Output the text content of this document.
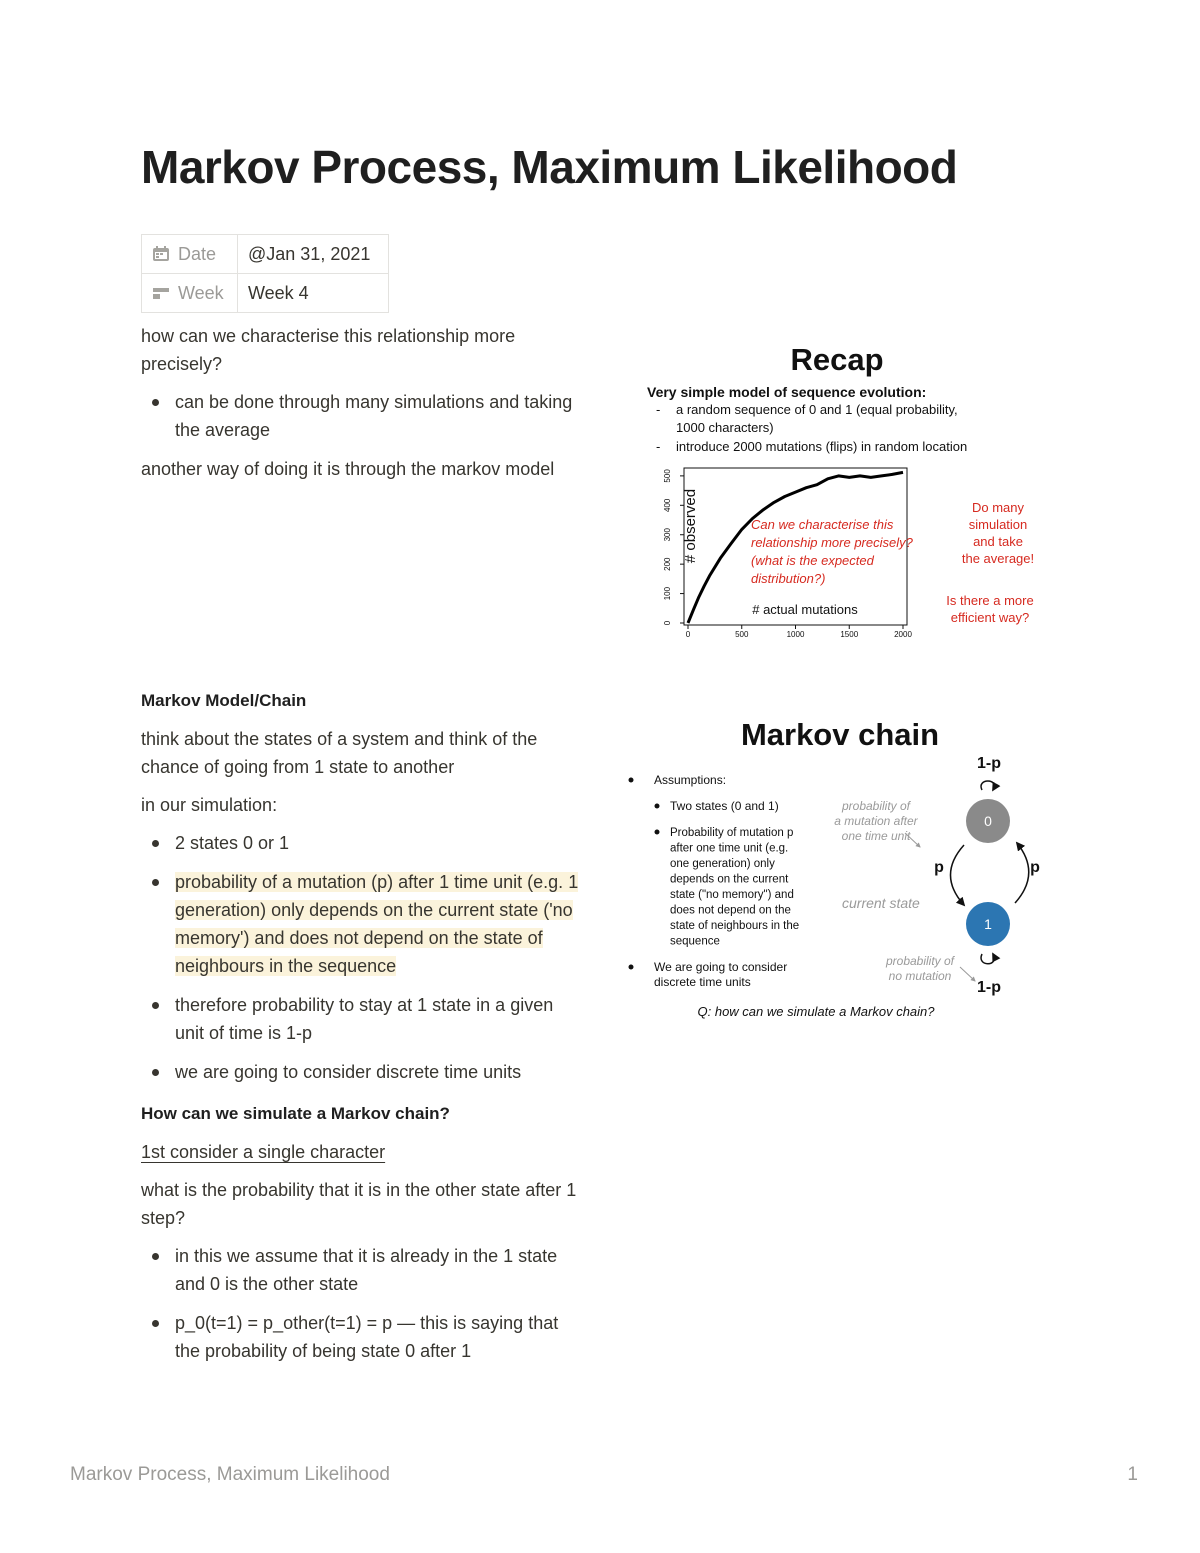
Markov Process, Maximum Likelihood
Date	@Jan 31, 2021
Week	Week 4

how can we characterise this relationship more precisely?

can be done through many simulations and taking the average

another way of doing it is through the markov model

Markov Model/Chain

think about the states of a system and think of the chance of going from 1 state to another

in our simulation:

2 states 0 or 1
probability of a mutation (p) after 1 time unit (e.g. 1 generation) only depends on the current state ('no memory') and does not depend on the state of neighbours in the sequence
therefore probability to stay at 1 state in a given unit of time is 1-p
we are going to consider discrete time units
How can we simulate a Markov chain?

1st consider a single character

what is the probability that it is in the other state after 1 step?

in this we assume that it is already in the 1 state and 0 is the other state
p_0(t=1) = p_other(t=1) = p — this is saying that the probability of being state 0 after 1
Recap
Very simple model of sequence evolution:
- a random sequence of 0 and 1 (equal probability,
1000 characters)
- introduce 2000 mutations (flips) in random location
0	500	1000	1500	2000
0
100
200
300
400
500
# actual mutations
# observed	Can we characterise this
relationship more precisely?
(what is the expected
distribution?)
Do many
simulation
and take
the average!
Is there a more
efficient way?
Markov chain
Assumptions:
Two states (0 and 1)
Probability of mutation p
after one time unit (e.g.
one generation) only
depends on the current
state ("no memory") and
does not depend on the
state of neighbours in the
sequence
We are going to consider
discrete time units
probability of
a mutation after
one time unit
current state
probability of
no mutation
1-p
0
p	p
1
1-p
Q: how can we simulate a Markov chain?
Markov Process, Maximum Likelihood	1
